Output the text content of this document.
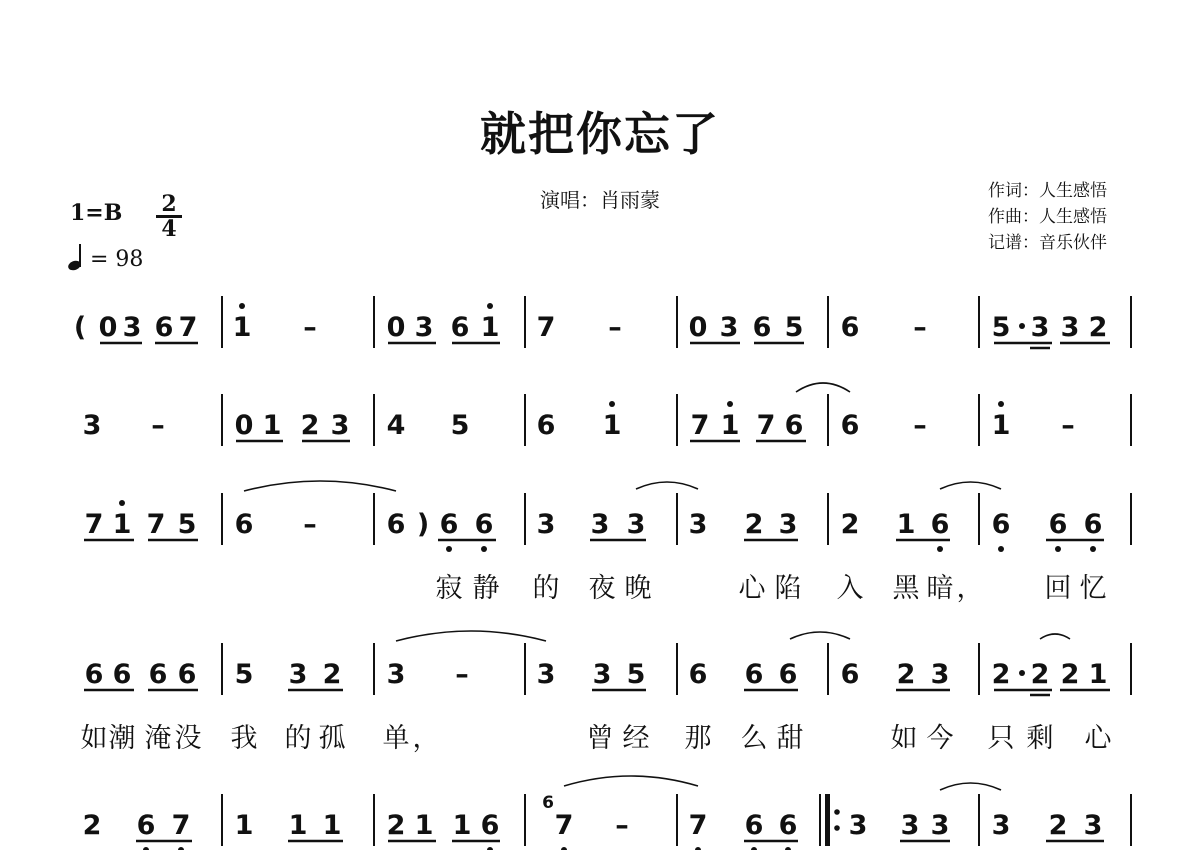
就把你忘了
演唱：肖雨蒙	作词：人生感悟
作曲：人生感悟
记谱：音乐伙伴
1=B 2
4
= 98
( 0 3 6 7 1 –	0 3 6 1 7 – 0 3 6 5 6 – 5 3 3 2
3 –	0 1 2 3 4 5 6 1	7 1 7 6 6 – 1 –
7 1 7 5 6 –	6 ) 6 6 3 3 3 3 2 3 2 1 6 6 6 6
寂 静 的 夜 晚	心 陷 入 黑 暗 ， 回 忆
6 6 6 6 5 3 2 3 –	3 3 5 6 6 6 6 2 3 2 2 2 1
如 潮 淹 没 我 的 孤 单 ，	曾 经 那 么 甜	如 今 只 剩 心
2 6 7 1 1 1 2 1 1 6
6
7 – 7 6 6 3 3 3 3 2 3
